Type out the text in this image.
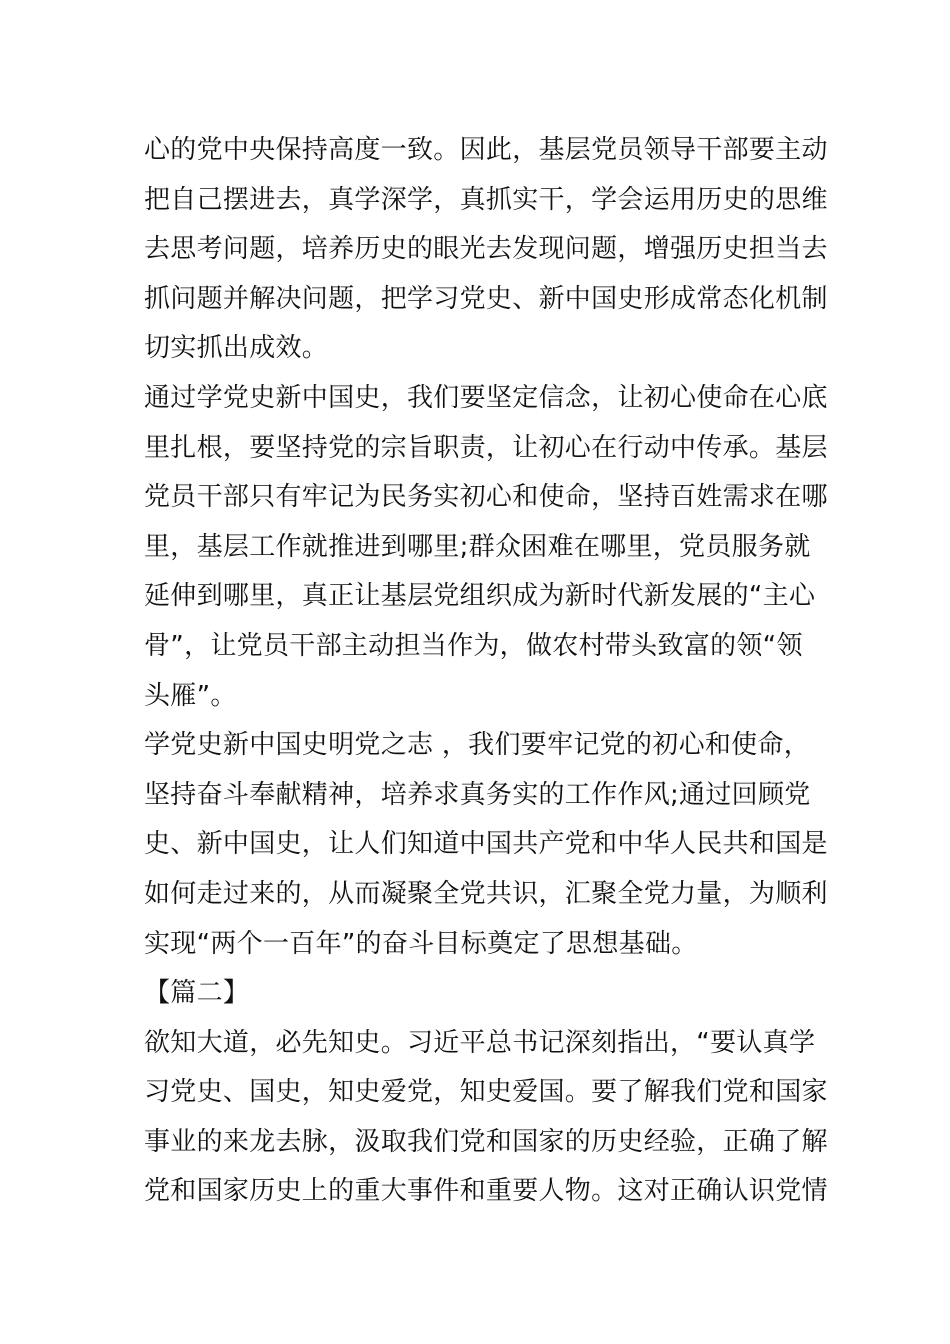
心的党中央保持高度一致。因此，基层党员领导干部要主动
把自己摆进去，真学深学，真抓实干，学会运用历史的思维
去思考问题，培养历史的眼光去发现问题，增强历史担当去
抓问题并解决问题，把学习党史、新中国史形成常态化机制
切实抓出成效。
通过学党史新中国史，我们要坚定信念，让初心使命在心底
里扎根，要坚持党的宗旨职责，让初心在行动中传承。基层
党员干部只有牢记为民务实初心和使命，坚持百姓需求在哪
里，基层工作就推进到哪里;群众困难在哪里，党员服务就
延伸到哪里，真正让基层党组织成为新时代新发展的“主心
骨”，让党员干部主动担当作为，做农村带头致富的领“领
头雁”。
学党史新中国史明党之志 ，我们要牢记党的初心和使命，
坚持奋斗奉献精神，培养求真务实的工作作风;通过回顾党
史、新中国史，让人们知道中国共产党和中华人民共和国是
如何走过来的，从而凝聚全党共识，汇聚全党力量，为顺利
实现“两个一百年”的奋斗目标奠定了思想基础。
【篇二】
欲知大道，必先知史。习近平总书记深刻指出，“要认真学
习党史、国史，知史爱党，知史爱国。要了解我们党和国家
事业的来龙去脉，汲取我们党和国家的历史经验，正确了解
党和国家历史上的重大事件和重要人物。这对正确认识党情
